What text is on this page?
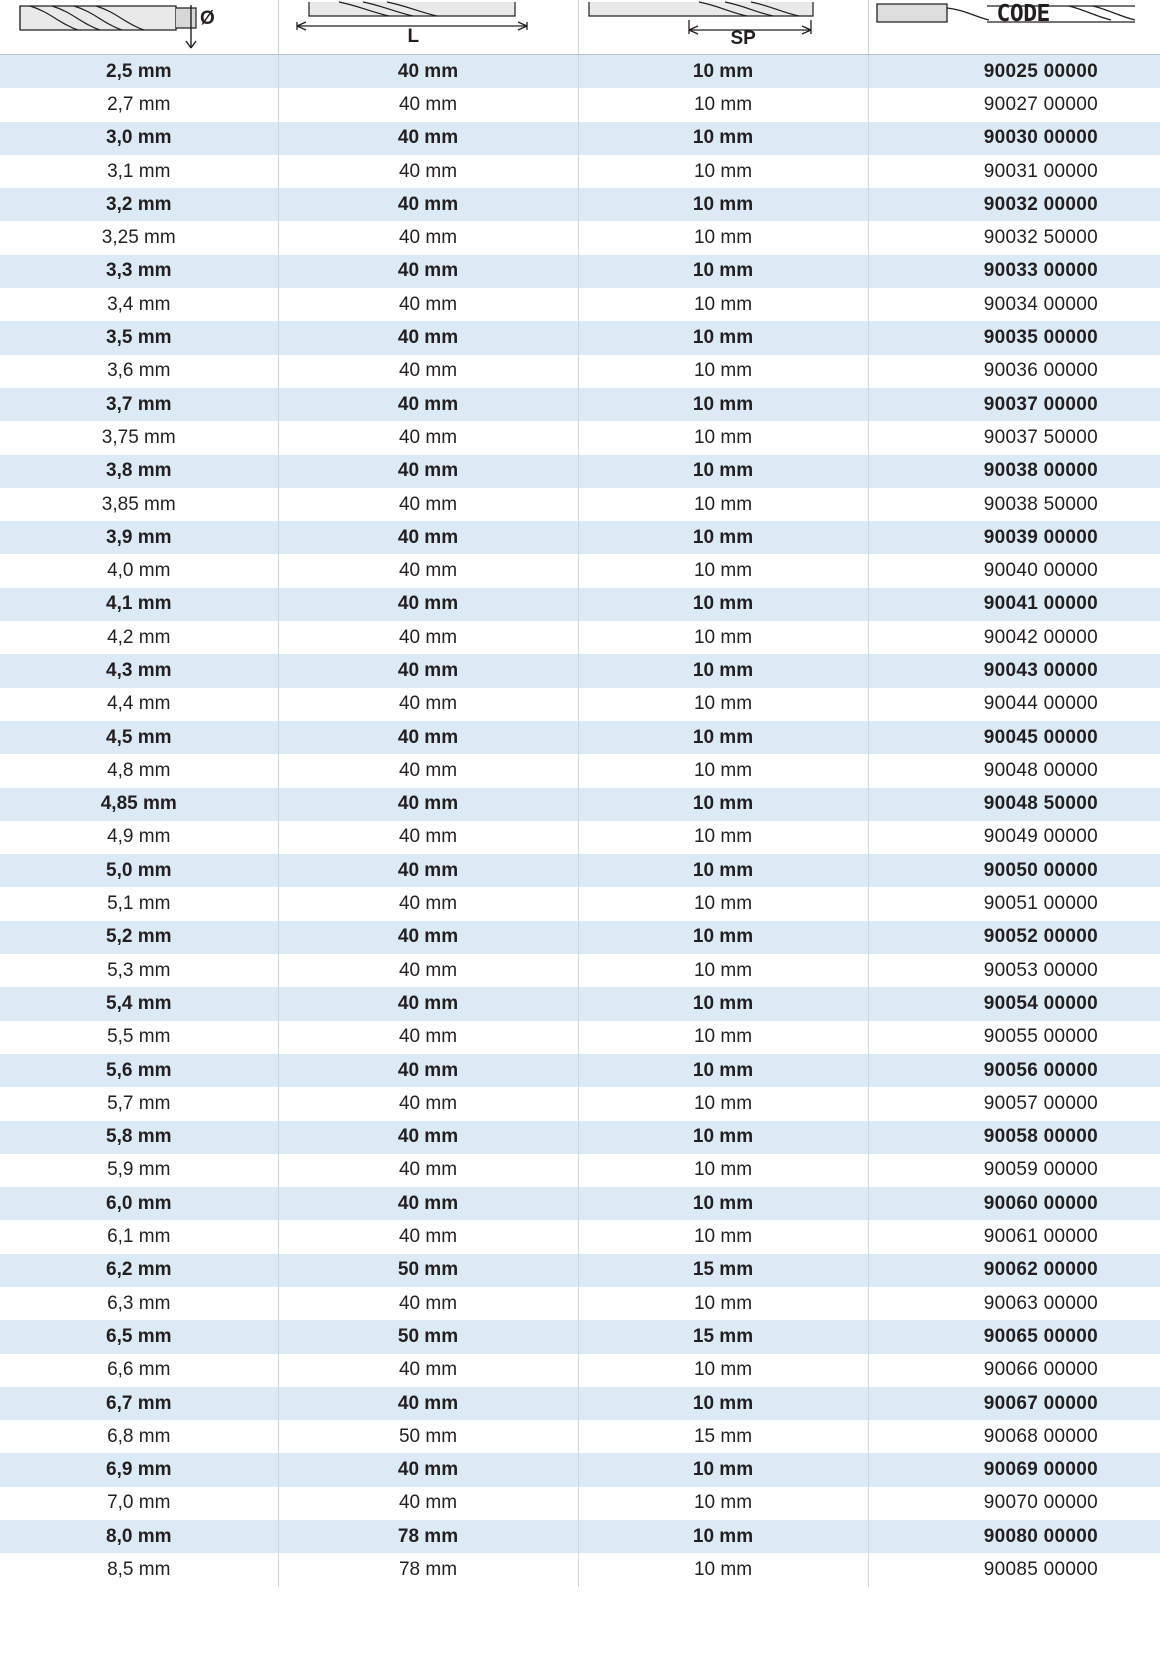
Ø	L	SP	CODE

2,5 mm	40 mm	10 mm	90025 00000
2,7 mm	40 mm	10 mm	90027 00000
3,0 mm	40 mm	10 mm	90030 00000
3,1 mm	40 mm	10 mm	90031 00000
3,2 mm	40 mm	10 mm	90032 00000
3,25 mm	40 mm	10 mm	90032 50000
3,3 mm	40 mm	10 mm	90033 00000
3,4 mm	40 mm	10 mm	90034 00000
3,5 mm	40 mm	10 mm	90035 00000
3,6 mm	40 mm	10 mm	90036 00000
3,7 mm	40 mm	10 mm	90037 00000
3,75 mm	40 mm	10 mm	90037 50000
3,8 mm	40 mm	10 mm	90038 00000
3,85 mm	40 mm	10 mm	90038 50000
3,9 mm	40 mm	10 mm	90039 00000
4,0 mm	40 mm	10 mm	90040 00000
4,1 mm	40 mm	10 mm	90041 00000
4,2 mm	40 mm	10 mm	90042 00000
4,3 mm	40 mm	10 mm	90043 00000
4,4 mm	40 mm	10 mm	90044 00000
4,5 mm	40 mm	10 mm	90045 00000
4,8 mm	40 mm	10 mm	90048 00000
4,85 mm	40 mm	10 mm	90048 50000
4,9 mm	40 mm	10 mm	90049 00000
5,0 mm	40 mm	10 mm	90050 00000
5,1 mm	40 mm	10 mm	90051 00000
5,2 mm	40 mm	10 mm	90052 00000
5,3 mm	40 mm	10 mm	90053 00000
5,4 mm	40 mm	10 mm	90054 00000
5,5 mm	40 mm	10 mm	90055 00000
5,6 mm	40 mm	10 mm	90056 00000
5,7 mm	40 mm	10 mm	90057 00000
5,8 mm	40 mm	10 mm	90058 00000
5,9 mm	40 mm	10 mm	90059 00000
6,0 mm	40 mm	10 mm	90060 00000
6,1 mm	40 mm	10 mm	90061 00000
6,2 mm	50 mm	15 mm	90062 00000
6,3 mm	40 mm	10 mm	90063 00000
6,5 mm	50 mm	15 mm	90065 00000
6,6 mm	40 mm	10 mm	90066 00000
6,7 mm	40 mm	10 mm	90067 00000
6,8 mm	50 mm	15 mm	90068 00000
6,9 mm	40 mm	10 mm	90069 00000
7,0 mm	40 mm	10 mm	90070 00000
8,0 mm	78 mm	10 mm	90080 00000
8,5 mm	78 mm	10 mm	90085 00000
